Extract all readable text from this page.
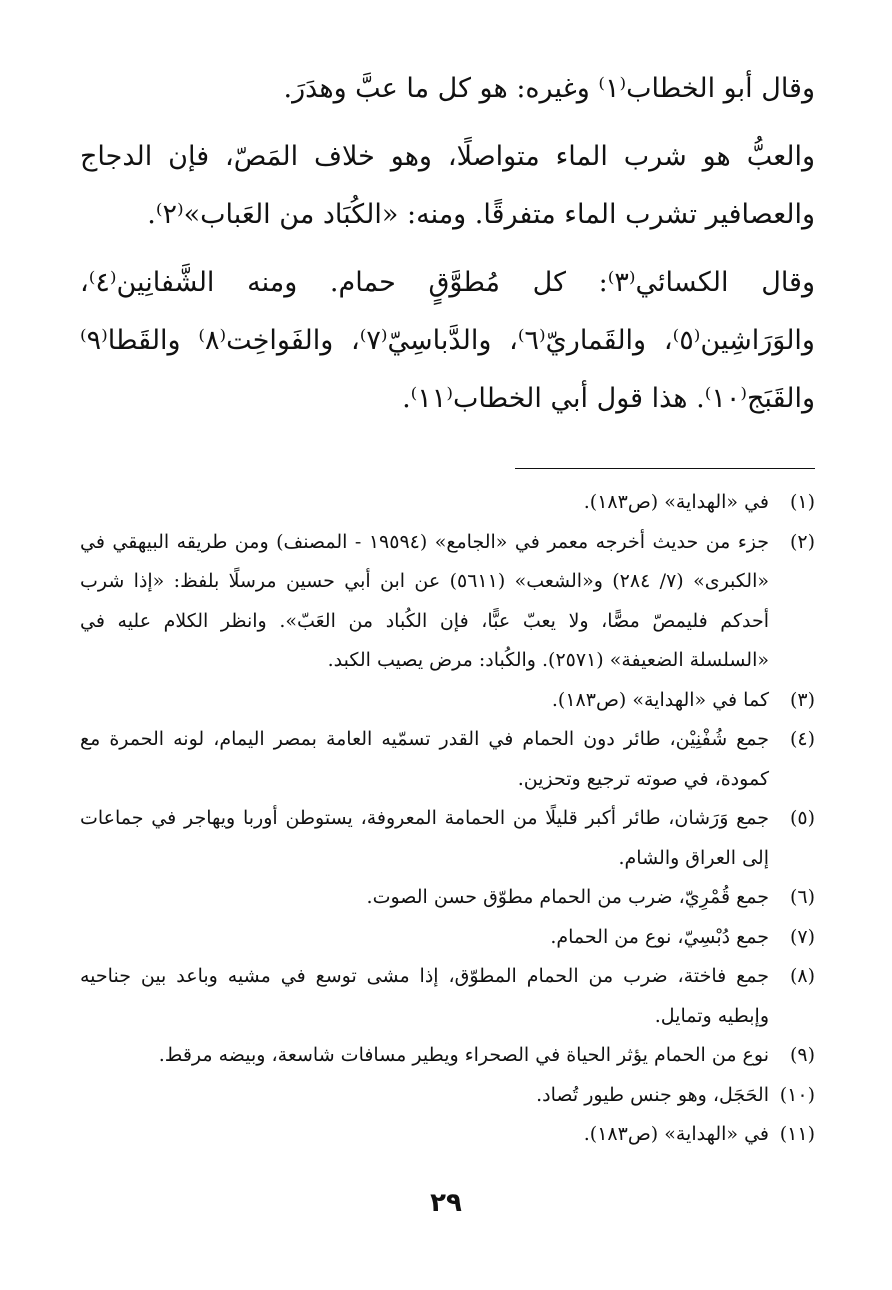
وقال أبو الخطاب⁽١⁾ وغيره: هو كل ما عبَّ وهدَرَ.

والعبُّ هو شرب الماء متواصلًا، وهو خلاف المَصّ، فإن الدجاج والعصافير تشرب الماء متفرقًا. ومنه: «الكُبَاد من العَباب»⁽٢⁾.

وقال الكسائي⁽٣⁾: كل مُطوَّقٍ حمام. ومنه الشَّفانِين⁽٤⁾، والوَرَاشِين⁽٥⁾، والقَماريّ⁽٦⁾، والدَّباسِيّ⁽٧⁾، والفَواخِت⁽٨⁾ والقَطا⁽٩⁾ والقَبَج⁽١٠⁾. هذا قول أبي الخطاب⁽١١⁾.

(١)
في «الهداية» (ص١٨٣).
(٢)
جزء من حديث أخرجه معمر في «الجامع» (١٩٥٩٤ - المصنف) ومن طريقه البيهقي في «الكبرى» (٧/ ٢٨٤) و«الشعب» (٥٦١١) عن ابن أبي حسين مرسلًا بلفظ: «إذا شرب أحدكم فليمصّ مصًّا، ولا يعبّ عبًّا، فإن الكُباد من العَبّ». وانظر الكلام عليه في «السلسلة الضعيفة» (٢٥٧١). والكُباد: مرض يصيب الكبد.
(٣)
كما في «الهداية» (ص١٨٣).
(٤)
جمع شُفْنِيْن، طائر دون الحمام في القدر تسمّيه العامة بمصر اليمام، لونه الحمرة مع كمودة، في صوته ترجيع وتحزين.
(٥)
جمع وَرَشان، طائر أكبر قليلًا من الحمامة المعروفة، يستوطن أوربا ويهاجر في جماعات إلى العراق والشام.
(٦)
جمع قُمْرِيّ، ضرب من الحمام مطوّق حسن الصوت.
(٧)
جمع دُبْسِيّ، نوع من الحمام.
(٨)
جمع فاختة، ضرب من الحمام المطوّق، إذا مشى توسع في مشيه وباعد بين جناحيه وإبطيه وتمايل.
(٩)
نوع من الحمام يؤثر الحياة في الصحراء ويطير مسافات شاسعة، وبيضه مرقط.
(١٠)
الحَجَل، وهو جنس طيور تُصاد.
(١١)
في «الهداية» (ص١٨٣).
٢٩
